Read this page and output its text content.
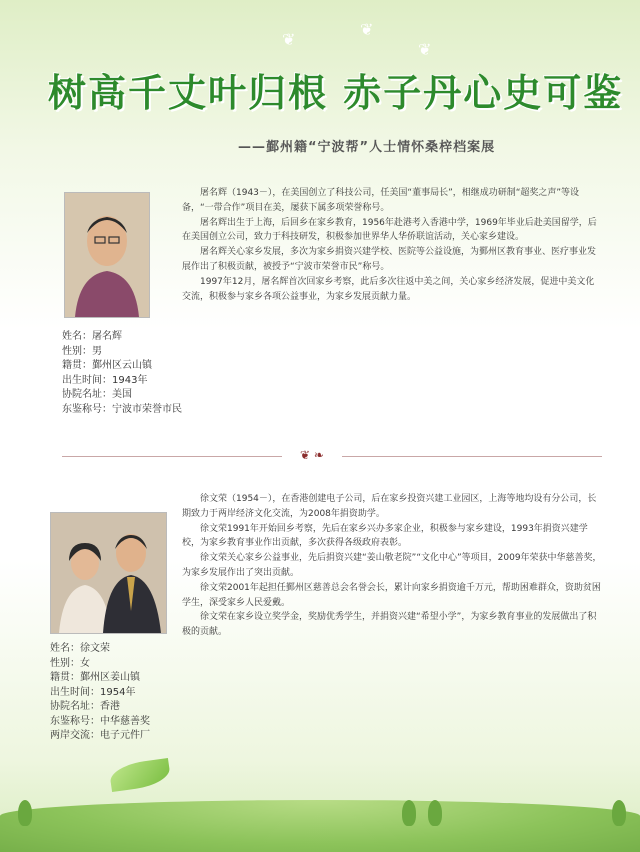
❦
❦
❦
树高千丈叶归根 赤子丹心史可鉴
——鄞州籍“宁波帮”人士情怀桑梓档案展
姓名：屠名辉
性别：男
籍贯：鄞州区云山镇
出生时间：1943年
协院名址：美国
东鉴称号：宁波市荣誉市民

屠名辉（1943－），在美国创立了科技公司，任美国“董事局长”，相继成功研制“超奖之声”等设备，“一带合作”项目在美，屡获下属多项荣誉称号。

屠名辉出生于上海，后回乡在家乡教育，1956年赴港考入香港中学，1969年毕业后赴美国留学，后在美国创立公司，致力于科技研发，积极参加世界华人华侨联谊活动，关心家乡建设。

屠名辉关心家乡发展，多次为家乡捐资兴建学校、医院等公益设施，为鄞州区教育事业、医疗事业发展作出了积极贡献，被授予“宁波市荣誉市民”称号。

1997年12月，屠名辉首次回家乡考察，此后多次往返中美之间，关心家乡经济发展，促进中美文化交流，积极参与家乡各项公益事业，为家乡发展贡献力量。

❦ ❧
姓名：徐文荣
性别：女
籍贯：鄞州区姜山镇
出生时间：1954年
协院名址：香港
东鉴称号：中华慈善奖
两岸交流：电子元件厂

徐文荣（1954－），在香港创建电子公司，后在家乡投资兴建工业园区，上海等地均设有分公司，长期致力于两岸经济文化交流，为2008年捐资助学。

徐文荣1991年开始回乡考察，先后在家乡兴办多家企业，积极参与家乡建设，1993年捐资兴建学校，为家乡教育事业作出贡献，多次获得各级政府表彰。

徐文荣关心家乡公益事业，先后捐资兴建“姜山敬老院”“文化中心”等项目，2009年荣获中华慈善奖，为家乡发展作出了突出贡献。

徐文荣2001年起担任鄞州区慈善总会名誉会长，累计向家乡捐资逾千万元，帮助困难群众，资助贫困学生，深受家乡人民爱戴。

徐文荣在家乡设立奖学金，奖励优秀学生，并捐资兴建“希望小学”，为家乡教育事业的发展做出了积极的贡献。
